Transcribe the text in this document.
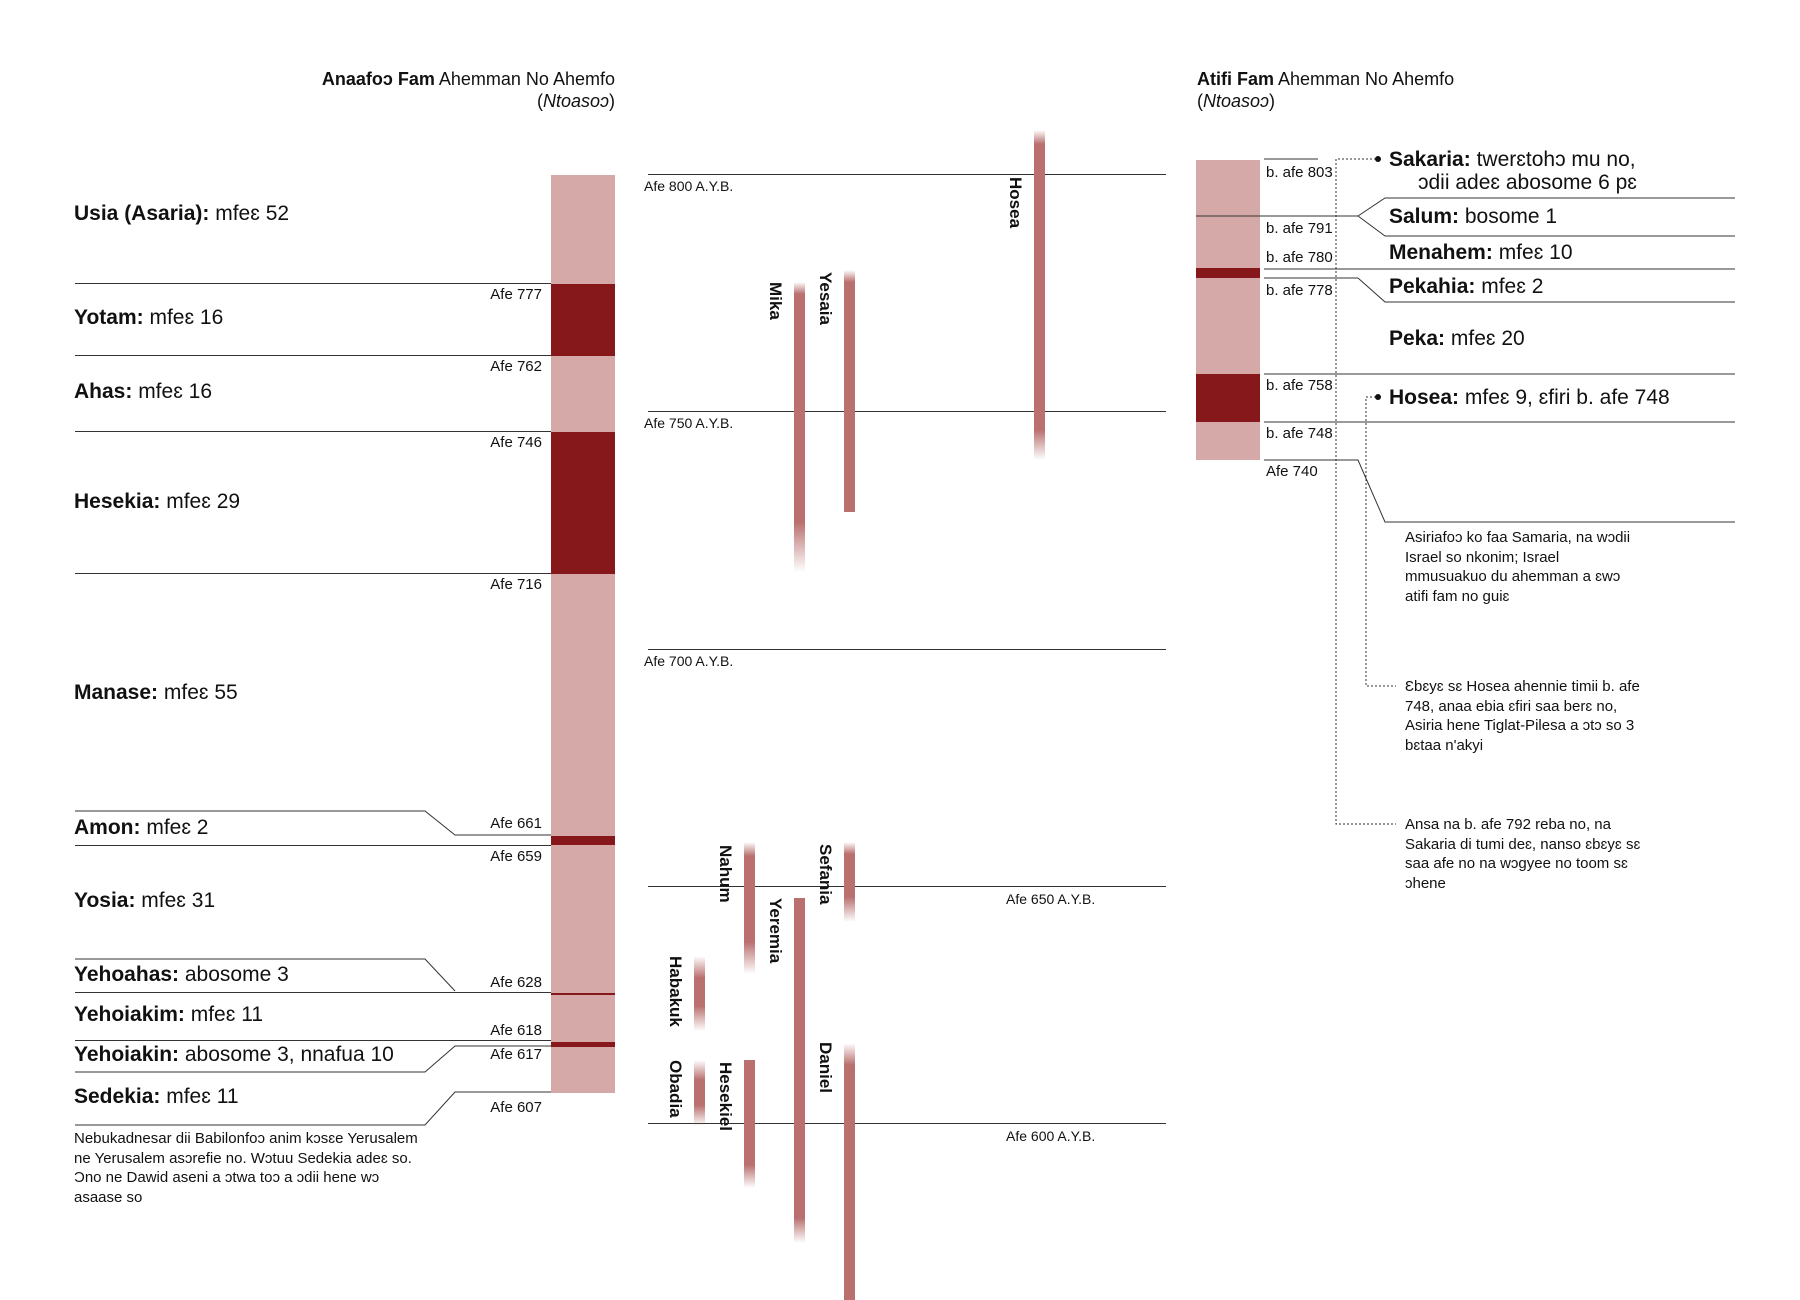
Anaafoɔ Fam Ahemman No Ahemfo
(Ntoasoɔ)
Atifi Fam Ahemman No Ahemfo
(Ntoasoɔ)
Afe 777
Afe 762
Afe 746
Afe 716
Afe 661
Afe 659
Afe 628
Afe 618
Afe 617
Afe 607
Usia (Asaria): mfeɛ 52
Yotam: mfeɛ 16
Ahas: mfeɛ 16
Hesekia: mfeɛ 29
Manase: mfeɛ 55
Amon: mfeɛ 2
Yosia: mfeɛ 31
Yehoahas: abosome 3
Yehoiakim: mfeɛ 11
Yehoiakin: abosome 3, nnafua 10
Sedekia: mfeɛ 11
Nebukadnesar dii Babilonfoɔ anim kɔsɛe Yerusalem ne Yerusalem asɔrefie no. Wɔtuu Sedekia adeɛ so. Ɔno ne Dawid aseni a ɔtwa toɔ a ɔdii hene wɔ asaase so
Afe 800 A.Y.B.
Afe 750 A.Y.B.
Afe 700 A.Y.B.
Afe 650 A.Y.B.
Afe 600 A.Y.B.
Hosea
Yesaia
Mika
Sefania
Nahum
Yeremia
Habakuk
Daniel
Hesekiel
Obadia
b. afe 803
b. afe 791
b. afe 780
b. afe 778
b. afe 758
b. afe 748
Afe 740
Sakaria: twerɛtohɔ mu no,
ɔdii adeɛ abosome 6 pɛ
Salum: bosome 1
Menahem: mfeɛ 10
Pekahia: mfeɛ 2
Peka: mfeɛ 20
Hosea: mfeɛ 9, ɛfiri b. afe 748
Asiriafoɔ ko faa Samaria, na wɔdii Israel so nkonim; Israel mmusuakuo du ahemman a ɛwɔ atifi fam no guiɛ
Ɛbɛyɛ sɛ Hosea ahennie timii b. afe 748, anaa ebia ɛfiri saa berɛ no, Asiria hene Tiglat-Pilesa a ɔtɔ so 3 bɛtaa n'akyi
Ansa na b. afe 792 reba no, na Sakaria di tumi deɛ, nanso ɛbɛyɛ sɛ saa afe no na wɔgyee no toom sɛ ɔhene
